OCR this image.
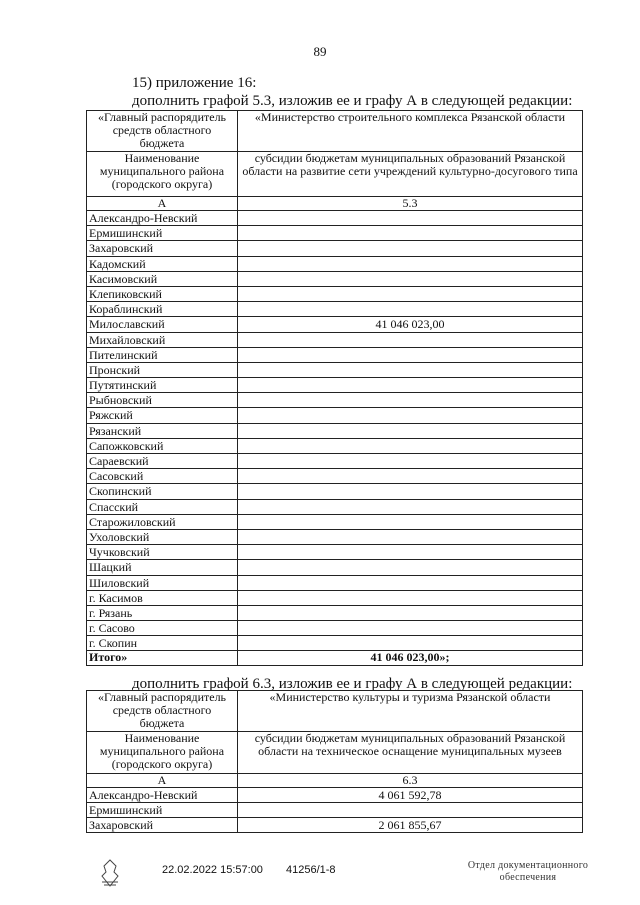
89
15) приложение 16:
дополнить графой 5.3, изложив ее и графу А в следующей редакции:
«Главный распорядитель средств областного бюджета	«Министерство строительного комплекса Рязанской области
Наименование муниципального района (городского округа)	субсидии бюджетам муниципальных образований Рязанской области на развитие сети учреждений культурно-досугового типа
А	5.3
Александро-Невский	
Ермишинский	
Захаровский	
Кадомский	
Касимовский	
Клепиковский	
Кораблинский	
Милославский	41 046 023,00
Михайловский	
Пителинский	
Пронский	
Путятинский	
Рыбновский	
Ряжский	
Рязанский	
Сапожковский	
Сараевский	
Сасовский	
Скопинский	
Спасский	
Старожиловский	
Ухоловский	
Чучковский	
Шацкий	
Шиловский	
г. Касимов	
г. Рязань	
г. Сасово	
г. Скопин	
Итого»	41 046 023,00»;
дополнить графой 6.3, изложив ее и графу А в следующей редакции:
«Главный распорядитель средств областного бюджета	«Министерство культуры и туризма Рязанской области
Наименование муниципального района (городского округа)	субсидии бюджетам муниципальных образований Рязанской области на техническое оснащение муниципальных музеев
А	6.3
Александро-Невский	4 061 592,78
Ермишинский	
Захаровский	2 061 855,67
22.02.2022 15:57:00 41256/1-8	Отдел документационного
обеспечения
